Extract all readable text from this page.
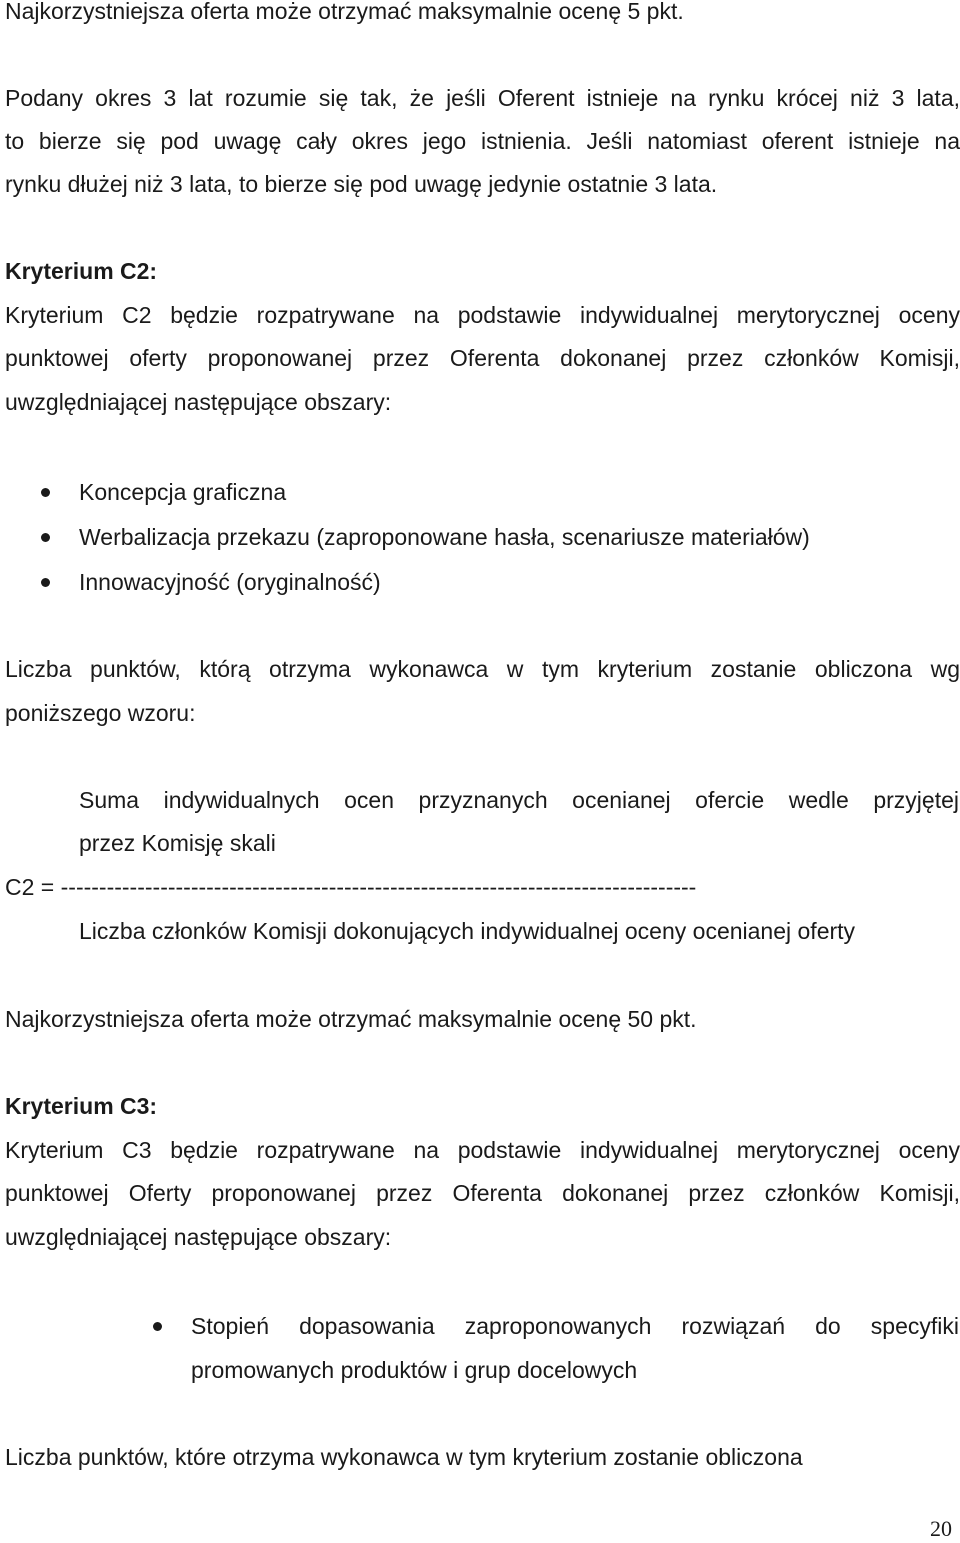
Najkorzystniejsza oferta może otrzymać maksymalnie ocenę 5 pkt.
Podany okres 3 lat rozumie się tak, że jeśli Oferent istnieje na rynku krócej niż 3 lata,
to bierze się pod uwagę cały okres jego istnienia. Jeśli natomiast oferent istnieje na
rynku dłużej niż 3 lata, to bierze się pod uwagę jedynie ostatnie 3 lata.
Kryterium C2:
Kryterium C2 będzie rozpatrywane na podstawie indywidualnej merytorycznej oceny
punktowej oferty proponowanej przez Oferenta dokonanej przez członków Komisji,
uwzględniającej następujące obszary:
Koncepcja graficzna
Werbalizacja przekazu (zaproponowane hasła, scenariusze materiałów)
Innowacyjność (oryginalność)
Liczba punktów, którą otrzyma wykonawca w tym kryterium zostanie obliczona wg
poniższego wzoru:
Suma indywidualnych ocen przyznanych ocenianej ofercie wedle przyjętej
przez Komisję skali
C2 = -----------------------------------------------------------------------------------
Liczba członków Komisji dokonujących indywidualnej oceny ocenianej oferty
Najkorzystniejsza oferta może otrzymać maksymalnie ocenę 50 pkt.
Kryterium C3:
Kryterium C3 będzie rozpatrywane na podstawie indywidualnej merytorycznej oceny
punktowej Oferty proponowanej przez Oferenta dokonanej przez członków Komisji,
uwzględniającej następujące obszary:
Stopień dopasowania zaproponowanych rozwiązań do specyfiki
promowanych produktów i grup docelowych
Liczba punktów, które otrzyma wykonawca w tym kryterium zostanie obliczona
20
